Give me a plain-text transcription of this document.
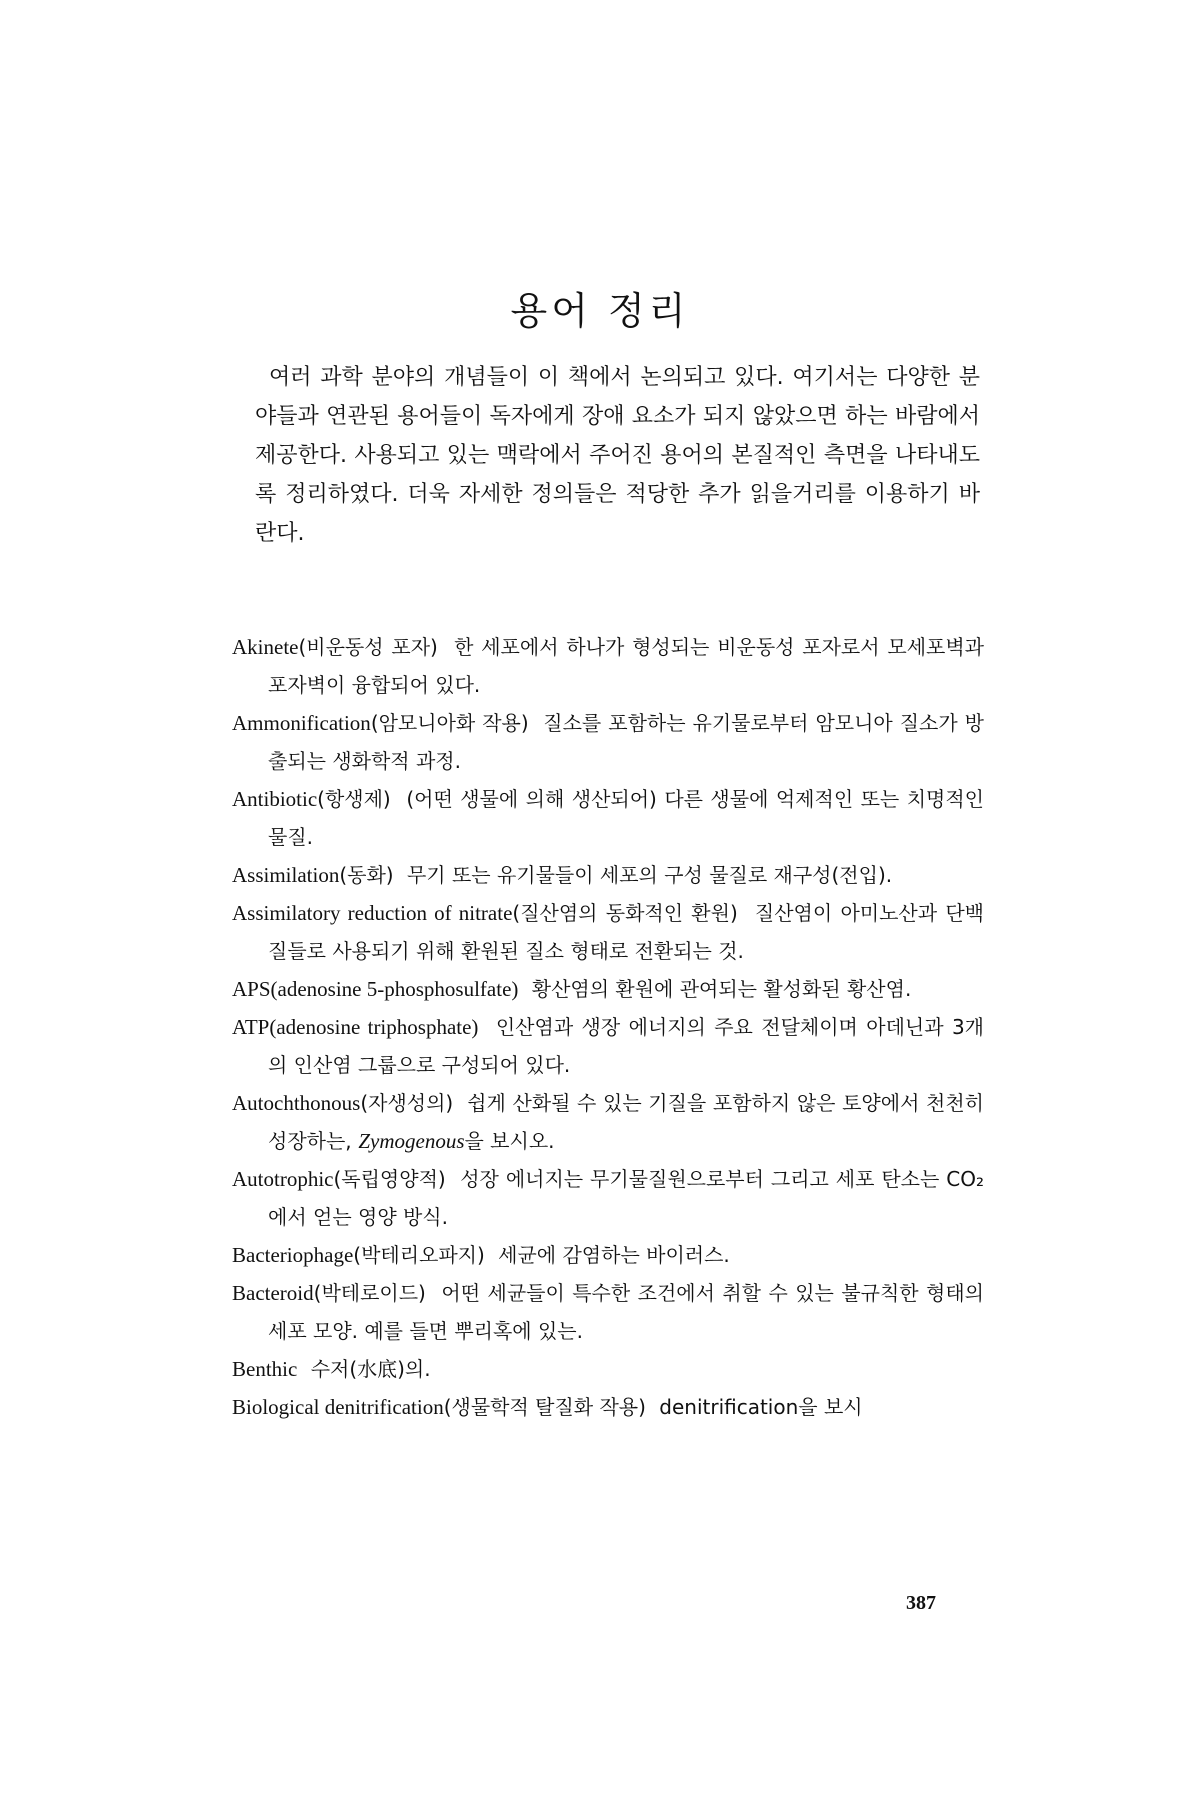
용어 정리

여러 과학 분야의 개념들이 이 책에서 논의되고 있다. 여기서는 다양한 분야들과 연관된 용어들이 독자에게 장애 요소가 되지 않았으면 하는 바람에서 제공한다. 사용되고 있는 맥락에서 주어진 용어의 본질적인 측면을 나타내도록 정리하였다. 더욱 자세한 정의들은 적당한 추가 읽을거리를 이용하기 바란다.

Akinete(비운동성 포자) 한 세포에서 하나가 형성되는 비운동성 포자로서 모세포벽과 포자벽이 융합되어 있다.
Ammonification(암모니아화 작용) 질소를 포함하는 유기물로부터 암모니아 질소가 방출되는 생화학적 과정.
Antibiotic(항생제) (어떤 생물에 의해 생산되어) 다른 생물에 억제적인 또는 치명적인 물질.
Assimilation(동화) 무기 또는 유기물들이 세포의 구성 물질로 재구성(전입).
Assimilatory reduction of nitrate(질산염의 동화적인 환원) 질산염이 아미노산과 단백질들로 사용되기 위해 환원된 질소 형태로 전환되는 것.
APS(adenosine 5-phosphosulfate) 황산염의 환원에 관여되는 활성화된 황산염.
ATP(adenosine triphosphate) 인산염과 생장 에너지의 주요 전달체이며 아데닌과 3개의 인산염 그룹으로 구성되어 있다.
Autochthonous(자생성의) 쉽게 산화될 수 있는 기질을 포함하지 않은 토양에서 천천히 성장하는, Zymogenous을 보시오.
Autotrophic(독립영양적) 성장 에너지는 무기물질원으로부터 그리고 세포 탄소는 CO₂에서 얻는 영양 방식.
Bacteriophage(박테리오파지) 세균에 감염하는 바이러스.
Bacteroid(박테로이드) 어떤 세균들이 특수한 조건에서 취할 수 있는 불규칙한 형태의 세포 모양. 예를 들면 뿌리혹에 있는.
Benthic 수저(水底)의.
Biological denitrification(생물학적 탈질화 작용) denitrification을 보시
387
